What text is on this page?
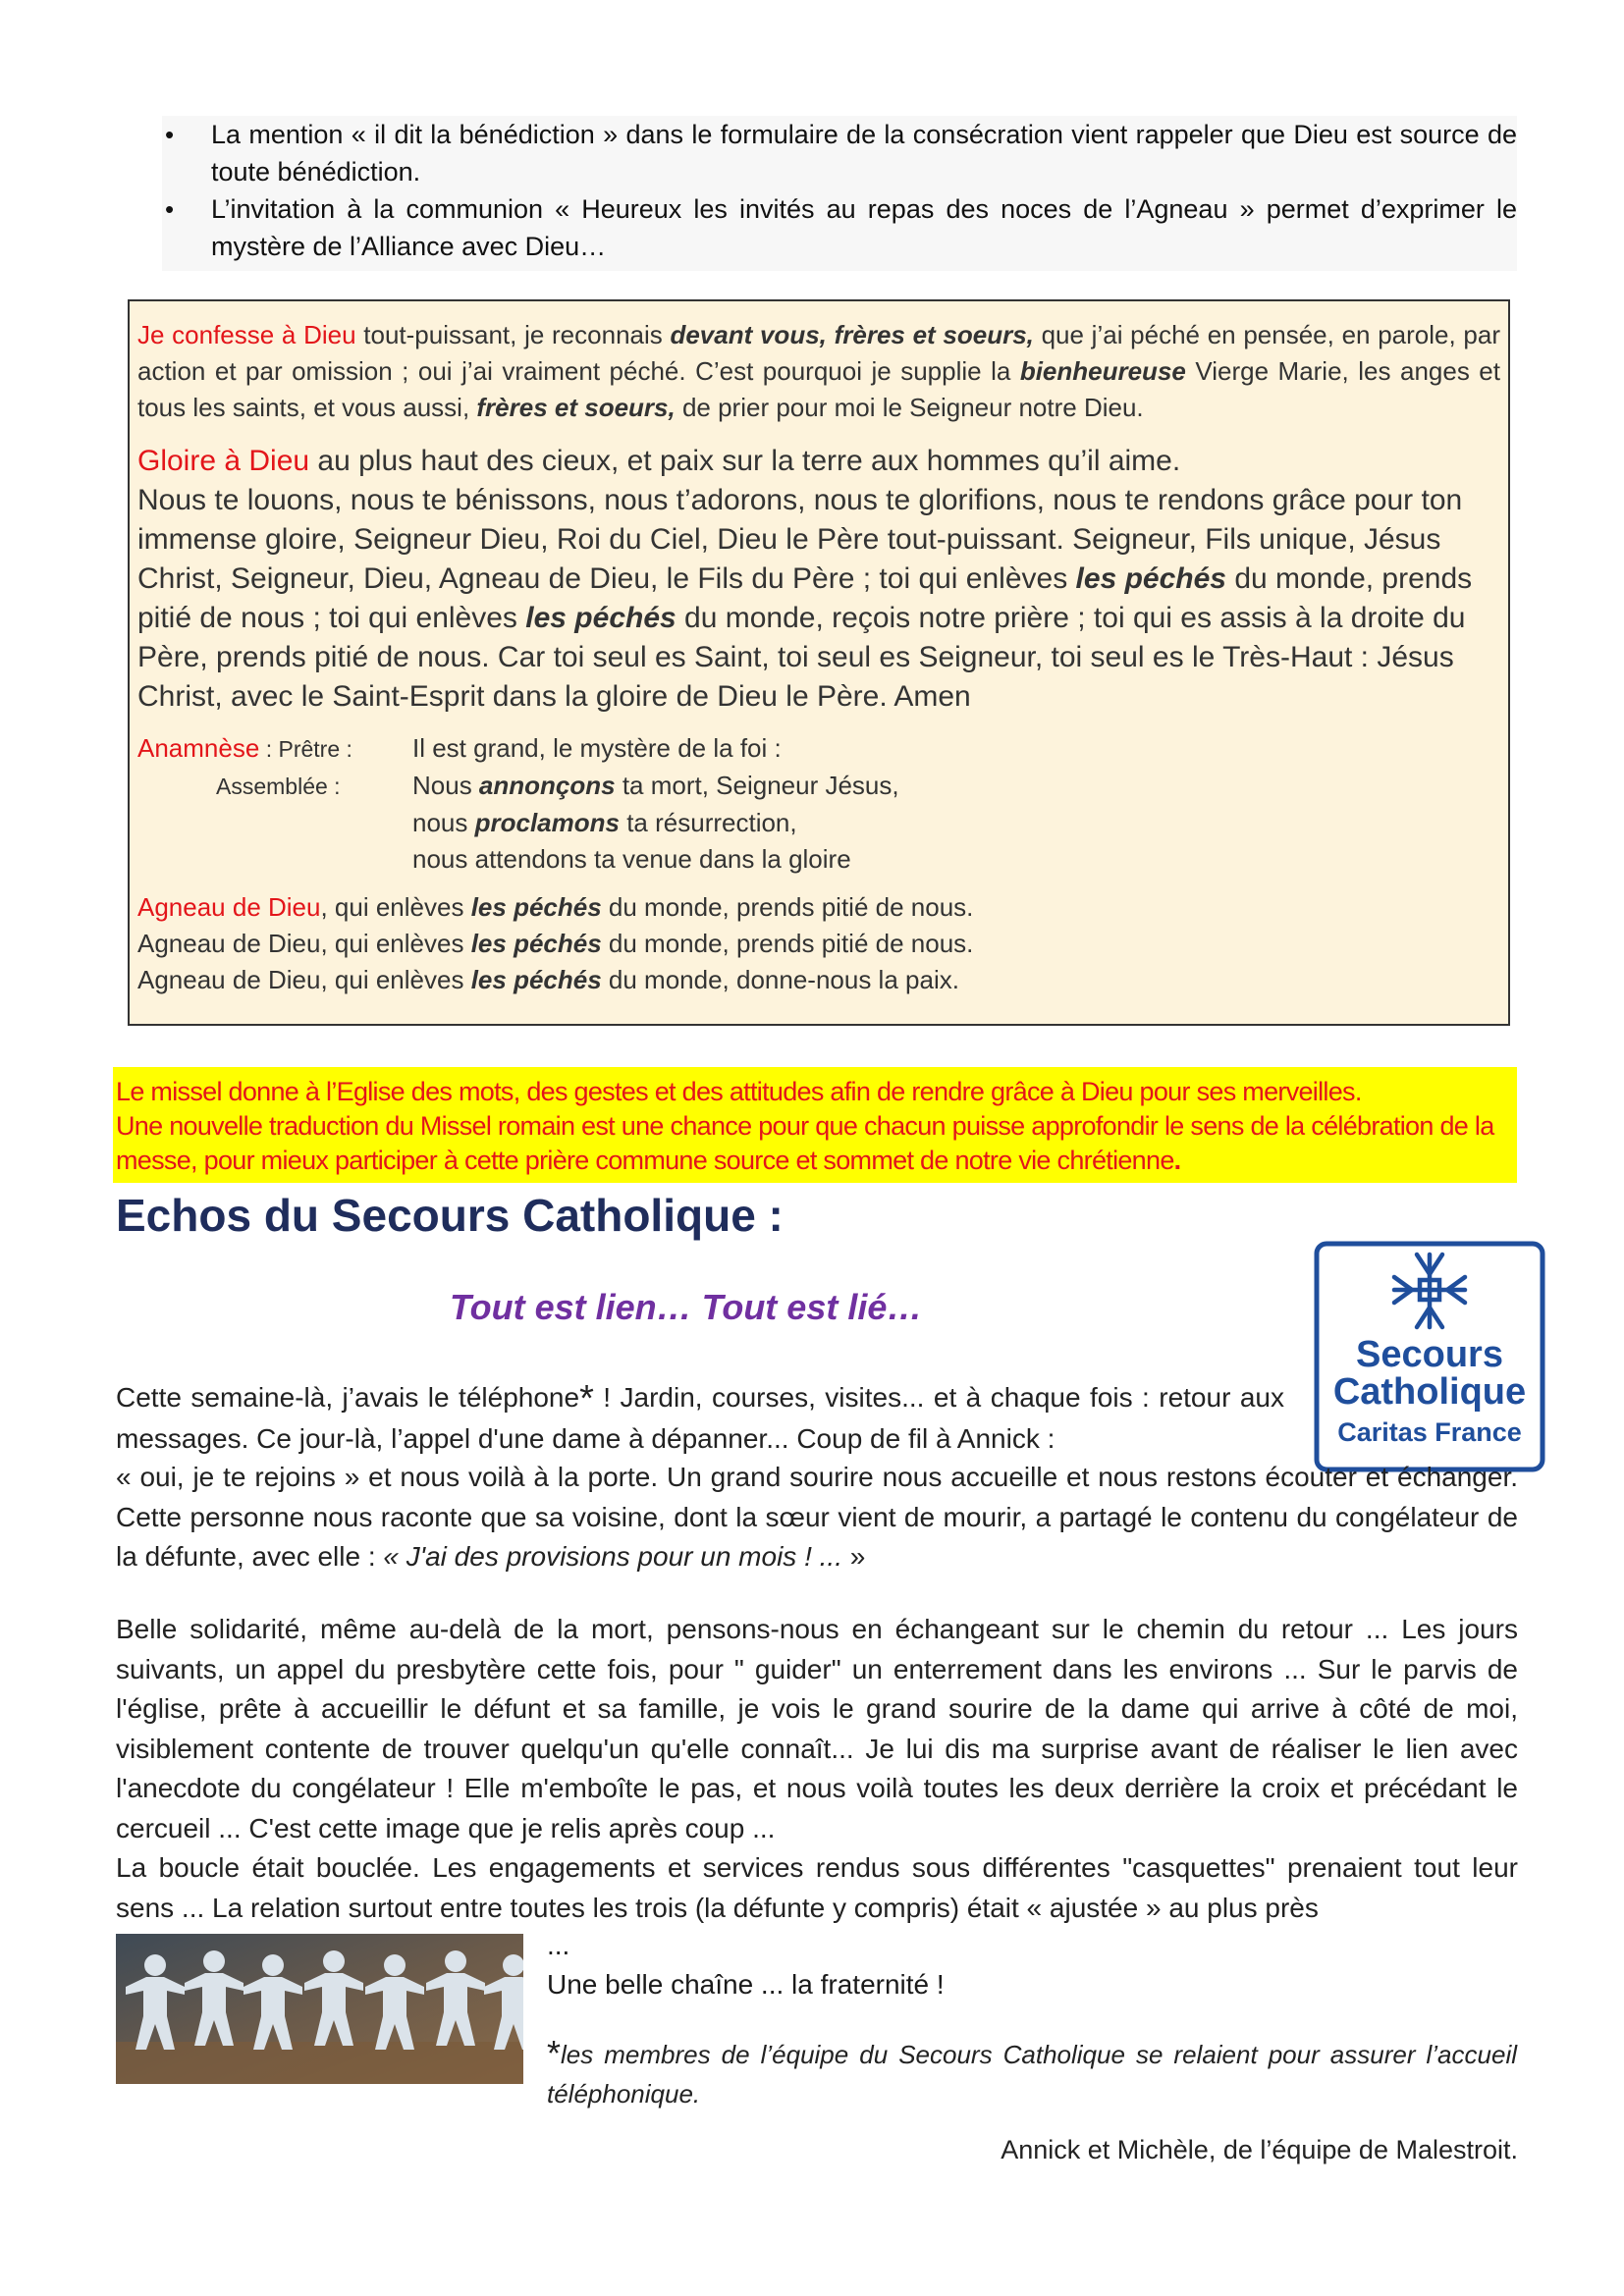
• La mention « il dit la bénédiction » dans le formulaire de la consécration vient rappeler que Dieu est source de toute bénédiction.
• L’invitation à la communion « Heureux les invités au repas des noces de l’Agneau » permet d’exprimer le mystère de l’Alliance avec Dieu…

Je confesse à Dieu tout-puissant, je reconnais devant vous, frères et soeurs, que j’ai péché en pensée, en parole, par action et par omission ; oui j’ai vraiment péché. C’est pourquoi je supplie la bienheureuse Vierge Marie, les anges et tous les saints, et vous aussi, frères et soeurs, de prier pour moi le Seigneur notre Dieu.

Gloire à Dieu au plus haut des cieux, et paix sur la terre aux hommes qu’il aime.
Nous te louons, nous te bénissons, nous t’adorons, nous te glorifions, nous te rendons grâce pour ton immense gloire, Seigneur Dieu, Roi du Ciel, Dieu le Père tout-puissant. Seigneur, Fils unique, Jésus Christ, Seigneur, Dieu, Agneau de Dieu, le Fils du Père ; toi qui enlèves les péchés du monde, prends pitié de nous ; toi qui enlèves les péchés du monde, reçois notre prière ; toi qui es assis à la droite du Père, prends pitié de nous. Car toi seul es Saint, toi seul es Seigneur, toi seul es le Très-Haut : Jésus Christ, avec le Saint-Esprit dans la gloire de Dieu le Père. Amen

Anamnèse : Prêtre :	Il est grand, le mystère de la foi :
Assemblée :	Nous annonçons ta mort, Seigneur Jésus,
nous proclamons ta résurrection,
nous attendons ta venue dans la gloire
Agneau de Dieu, qui enlèves les péchés du monde, prends pitié de nous.
Agneau de Dieu, qui enlèves les péchés du monde, prends pitié de nous.
Agneau de Dieu, qui enlèves les péchés du monde, donne-nous la paix.
Le missel donne à l’Eglise des mots, des gestes et des attitudes afin de rendre grâce à Dieu pour ses merveilles.
Une nouvelle traduction du Missel romain est une chance pour que chacun puisse approfondir le sens de la célébration de la messe, pour mieux participer à cette prière commune source et sommet de notre vie chrétienne.
Echos du Secours Catholique :
Tout est lien… Tout est lié…
Secours
Catholique
Caritas France

Cette semaine-là, j’avais le téléphone* ! Jardin, courses, visites... et à chaque fois : retour aux messages. Ce jour-là, l’appel d'une dame à dépanner... Coup de fil à Annick :

« oui, je te rejoins » et nous voilà à la porte. Un grand sourire nous accueille et nous restons écouter et échanger. Cette personne nous raconte que sa voisine, dont la sœur vient de mourir, a partagé le contenu du congélateur de la défunte, avec elle : « J'ai des provisions pour un mois ! ... »

Belle solidarité, même au-delà de la mort, pensons-nous en échangeant sur le chemin du retour ... Les jours suivants, un appel du presbytère cette fois, pour " guider" un enterrement dans les environs ... Sur le parvis de l'église, prête à accueillir le défunt et sa famille, je vois le grand sourire de la dame qui arrive à côté de moi, visiblement contente de trouver quelqu'un qu'elle connaît... Je lui dis ma surprise avant de réaliser le lien avec l'anecdote du congélateur ! Elle m'emboîte le pas, et nous voilà toutes les deux derrière la croix et précédant le cercueil ... C'est cette image que je relis après coup ...

La boucle était bouclée. Les engagements et services rendus sous différentes "casquettes" prenaient tout leur sens ... La relation surtout entre toutes les trois (la défunte y compris) était « ajustée » au plus près

...
Une belle chaîne ... la fraternité !

*les membres de l’équipe du Secours Catholique se relaient pour assurer l’accueil téléphonique.

Annick et Michèle, de l’équipe de Malestroit.
